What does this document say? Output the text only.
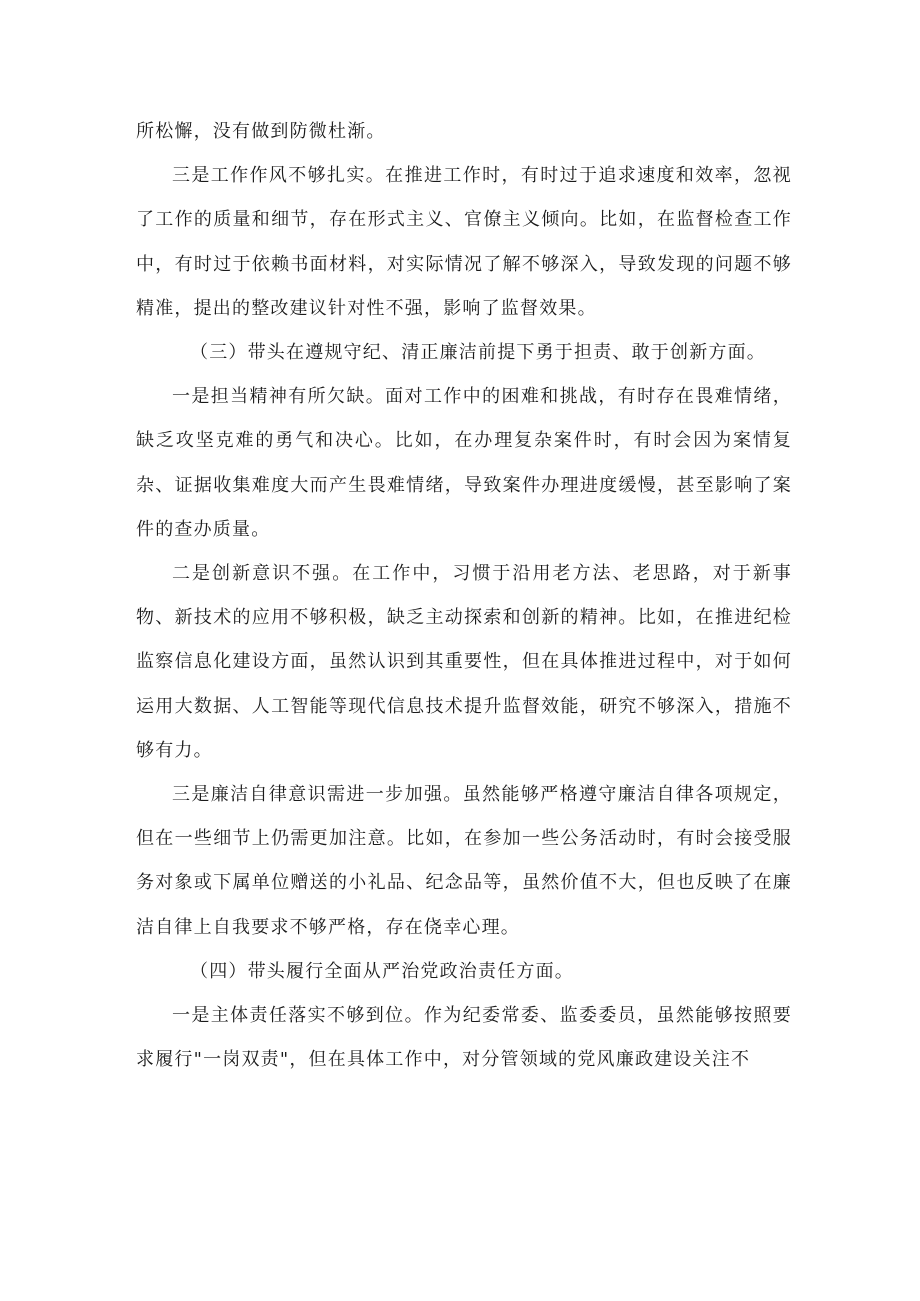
所松懈，没有做到防微杜渐。

三是工作作风不够扎实。在推进工作时，有时过于追求速度和效率，忽视了工作的质量和细节，存在形式主义、官僚主义倾向。比如，在监督检查工作中，有时过于依赖书面材料，对实际情况了解不够深入，导致发现的问题不够精准，提出的整改建议针对性不强，影响了监督效果。

（三）带头在遵规守纪、清正廉洁前提下勇于担责、敢于创新方面。

一是担当精神有所欠缺。面对工作中的困难和挑战，有时存在畏难情绪，缺乏攻坚克难的勇气和决心。比如，在办理复杂案件时，有时会因为案情复杂、证据收集难度大而产生畏难情绪，导致案件办理进度缓慢，甚至影响了案件的查办质量。

二是创新意识不强。在工作中，习惯于沿用老方法、老思路，对于新事物、新技术的应用不够积极，缺乏主动探索和创新的精神。比如，在推进纪检监察信息化建设方面，虽然认识到其重要性，但在具体推进过程中，对于如何运用大数据、人工智能等现代信息技术提升监督效能，研究不够深入，措施不够有力。

三是廉洁自律意识需进一步加强。虽然能够严格遵守廉洁自律各项规定，但在一些细节上仍需更加注意。比如，在参加一些公务活动时，有时会接受服务对象或下属单位赠送的小礼品、纪念品等，虽然价值不大，但也反映了在廉洁自律上自我要求不够严格，存在侥幸心理。

（四）带头履行全面从严治党政治责任方面。

一是主体责任落实不够到位。作为纪委常委、监委委员，虽然能够按照要求履行"一岗双责"，但在具体工作中，对分管领域的党风廉政建设关注不
